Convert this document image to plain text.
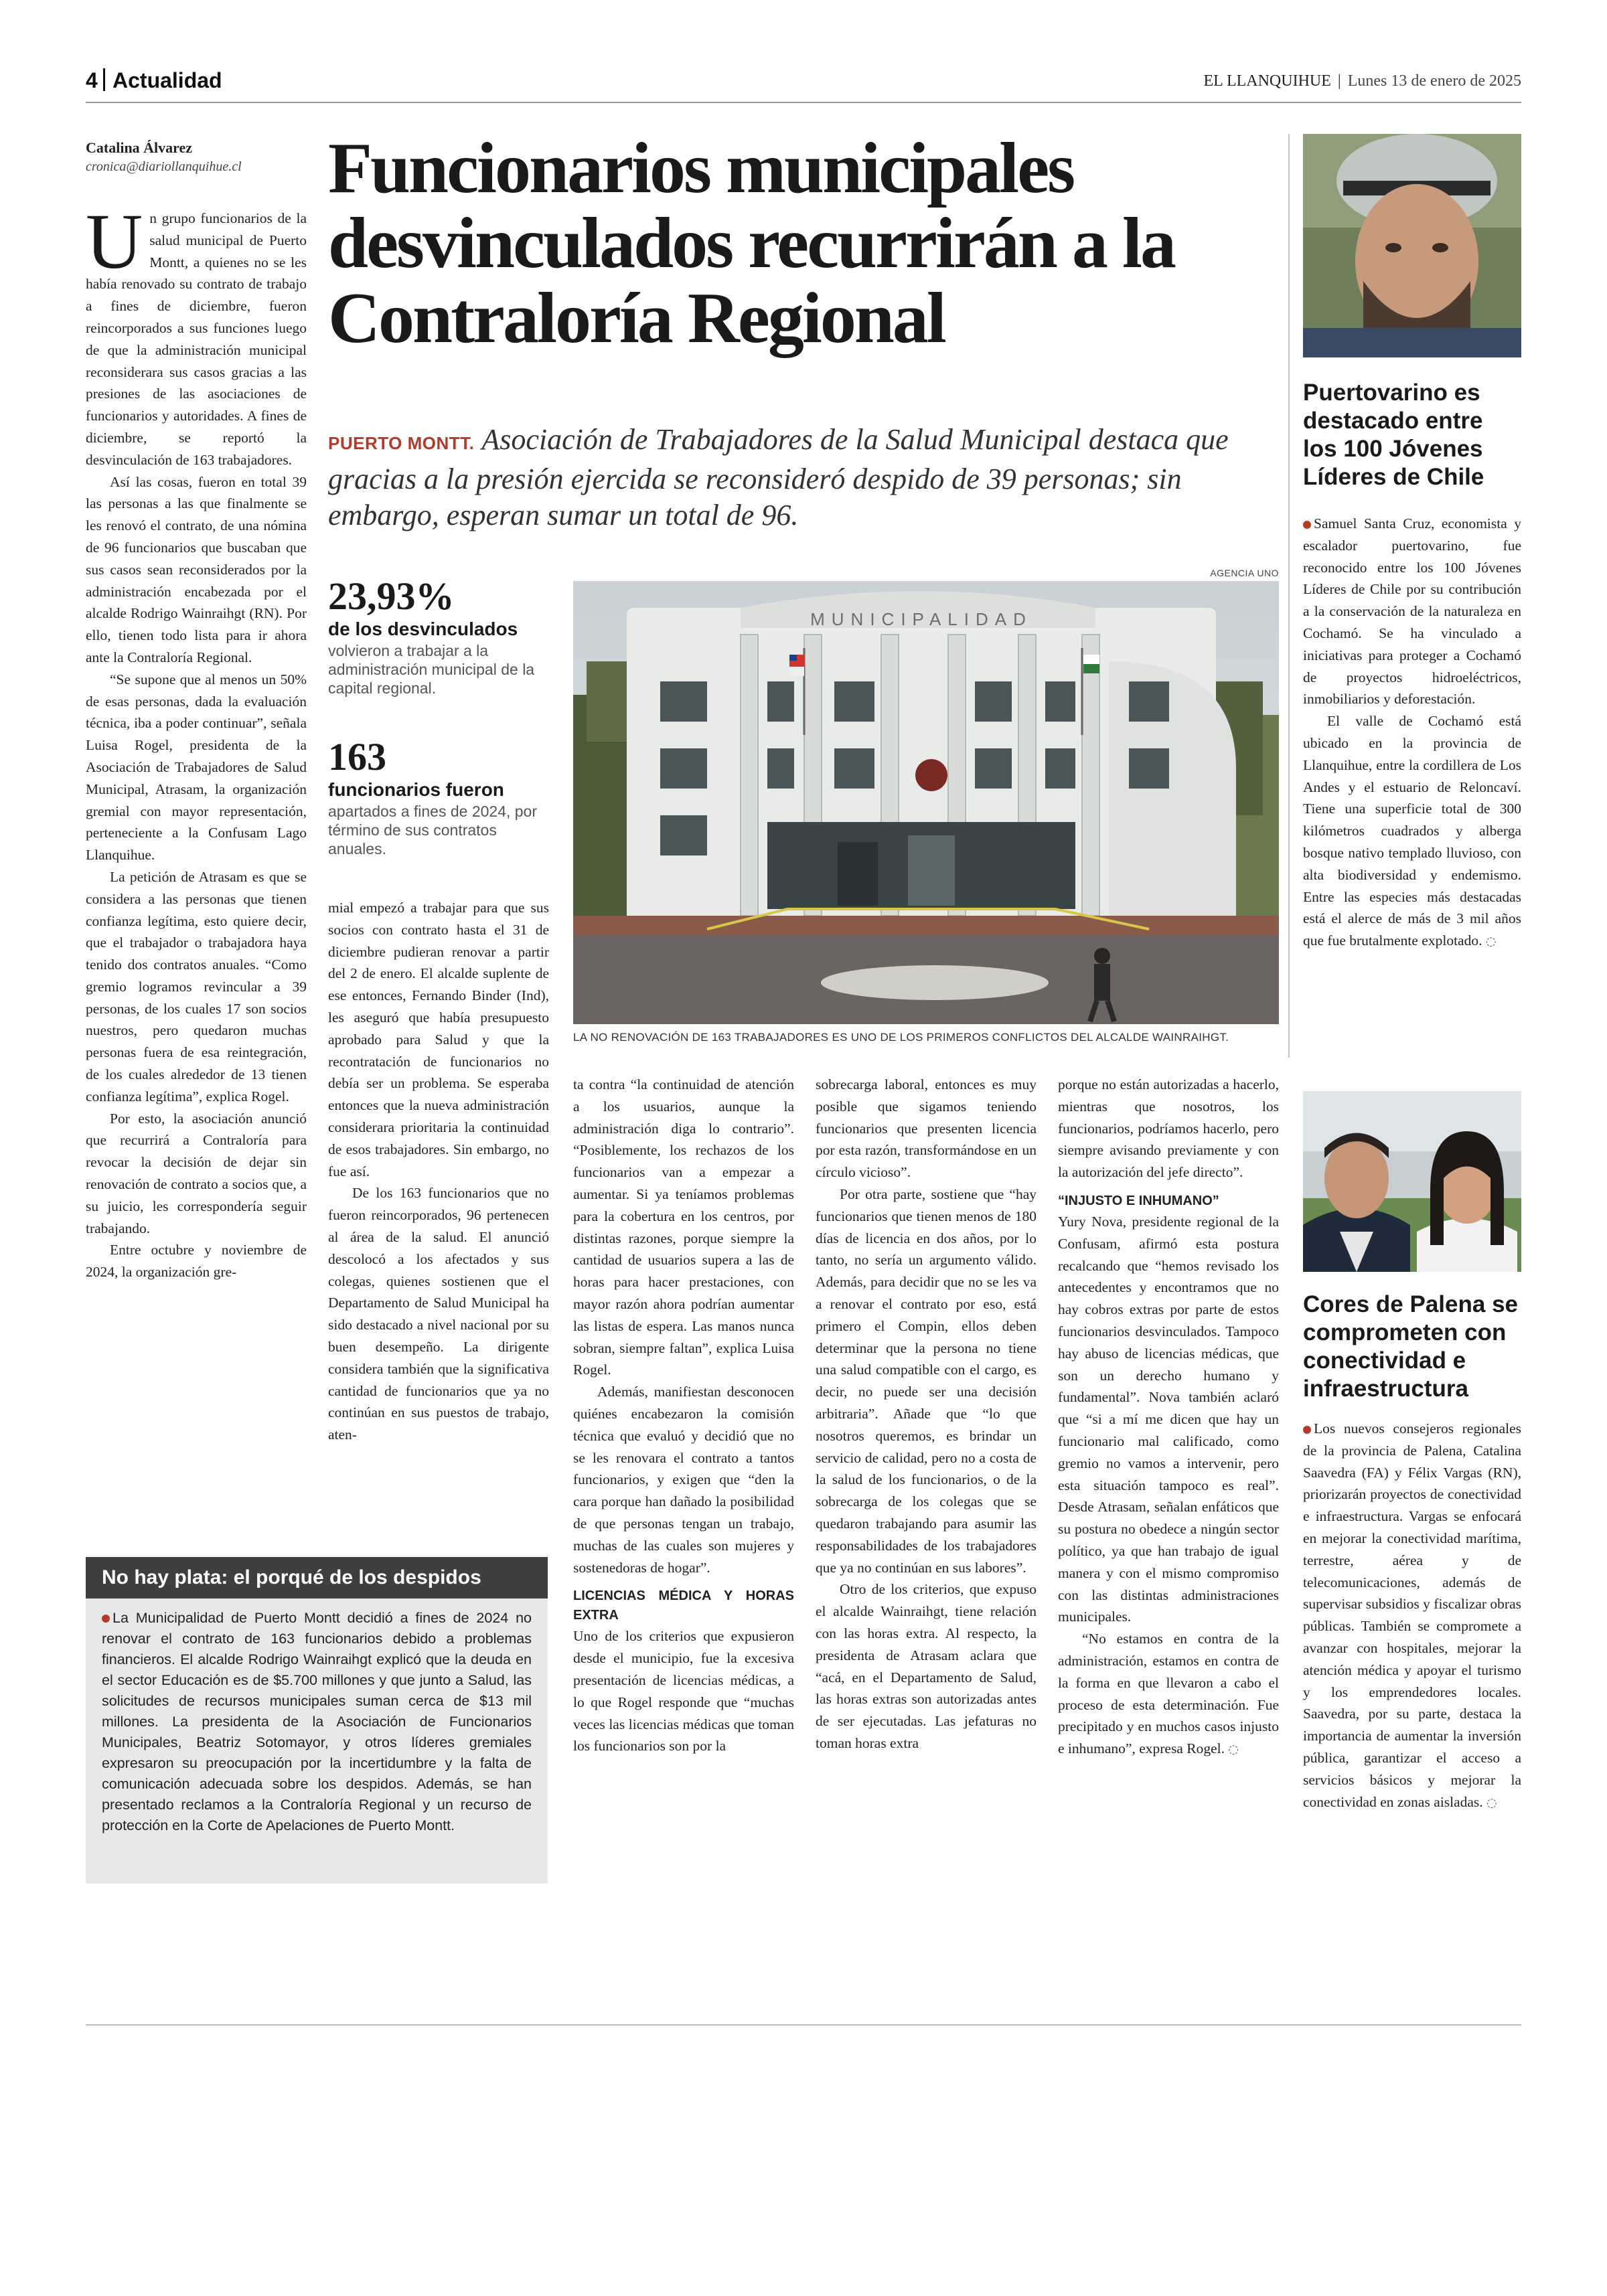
4 Actualidad	EL LLANQUIHUE | Lunes 13 de enero de 2025
Catalina Álvarez
cronica@diariollanquihue.cl	Funcionarios municipales desvinculados recurrirán a la Contraloría Regional
PUERTO MONTT. Asociación de Trabajadores de la Salud Municipal destaca que gracias a la presión ejercida se reconsideró despido de 39 personas; sin embargo, esperan sumar un total de 96.

Un grupo funcionarios de la salud municipal de Puerto Montt, a quienes no se les había renovado su contrato de trabajo a fines de diciembre, fueron reincorporados a sus funciones luego de que la administración municipal reconsiderara sus casos gracias a las presiones de las asociaciones de funcionarios y autoridades. A fines de diciembre, se reportó la desvinculación de 163 trabajadores.

Así las cosas, fueron en total 39 las personas a las que finalmente se les renovó el contrato, de una nómina de 96 funcionarios que buscaban que sus casos sean reconsiderados por la administración encabezada por el alcalde Rodrigo Wainraihgt (RN). Por ello, tienen todo lista para ir ahora ante la Contraloría Regional.

“Se supone que al menos un 50% de esas personas, dada la evaluación técnica, iba a poder continuar”, señala Luisa Rogel, presidenta de la Asociación de Trabajadores de Salud Municipal, Atrasam, la organización gremial con mayor representación, perteneciente a la Confusam Lago Llanquihue.

La petición de Atrasam es que se considera a las personas que tienen confianza legítima, esto quiere decir, que el trabajador o trabajadora haya tenido dos contratos anuales. “Como gremio logramos revincular a 39 personas, de los cuales 17 son socios nuestros, pero quedaron muchas personas fuera de esa reintegración, de los cuales alrededor de 13 tienen confianza legítima”, explica Rogel.

Por esto, la asociación anunció que recurrirá a Contraloría para revocar la decisión de dejar sin renovación de contrato a socios que, a su juicio, les correspondería seguir trabajando.

Entre octubre y noviembre de 2024, la organización gre-

23,93%
de los desvinculados
volvieron a trabajar a la administración municipal de la capital regional.
163
funcionarios fueron
apartados a fines de 2024, por término de sus contratos anuales.

mial empezó a trabajar para que sus socios con contrato hasta el 31 de diciembre pudieran renovar a partir del 2 de enero. El alcalde suplente de ese entonces, Fernando Binder (Ind), les aseguró que había presupuesto aprobado para Salud y que la recontratación de funcionarios no debía ser un problema. Se esperaba entonces que la nueva administración considerara prioritaria la continuidad de esos trabajadores. Sin embargo, no fue así.

De los 163 funcionarios que no fueron reincorporados, 96 pertenecen al área de la salud. El anunció descolocó a los afectados y sus colegas, quienes sostienen que el Departamento de Salud Municipal ha sido destacado a nivel nacional por su buen desempeño. La dirigente considera también que la significativa cantidad de funcionarios que ya no continúan en sus puestos de trabajo, aten-

AGENCIA UNO
MUNICIPALIDAD
LA NO RENOVACIÓN DE 163 TRABAJADORES ES UNO DE LOS PRIMEROS CONFLICTOS DEL ALCALDE WAINRAIHGT.

ta contra “la continuidad de atención a los usuarios, aunque la administración diga lo contrario”. “Posiblemente, los rechazos de los funcionarios van a empezar a aumentar. Si ya teníamos problemas para la cobertura en los centros, por distintas razones, porque siempre la cantidad de usuarios supera a las de horas para hacer prestaciones, con mayor razón ahora podrían aumentar las listas de espera. Las manos nunca sobran, siempre faltan”, explica Luisa Rogel.

Además, manifiestan desconocen quiénes encabezaron la comisión técnica que evaluó y decidió que no se les renovara el contrato a tantos funcionarios, y exigen que “den la cara porque han dañado la posibilidad de que personas tengan un trabajo, muchas de las cuales son mujeres y sostenedoras de hogar”.

LICENCIAS MÉDICA Y HORAS EXTRA

Uno de los criterios que expusieron desde el municipio, fue la excesiva presentación de licencias médicas, a lo que Rogel responde que “muchas veces las licencias médicas que toman los funcionarios son por la

sobrecarga laboral, entonces es muy posible que sigamos teniendo funcionarios que presenten licencia por esta razón, transformándose en un círculo vicioso”.

Por otra parte, sostiene que “hay funcionarios que tienen menos de 180 días de licencia en dos años, por lo tanto, no sería un argumento válido. Además, para decidir que no se les va a renovar el contrato por eso, está primero el Compin, ellos deben determinar que la persona no tiene una salud compatible con el cargo, es decir, no puede ser una decisión arbitraria”. Añade que “lo que nosotros queremos, es brindar un servicio de calidad, pero no a costa de la salud de los funcionarios, o de la sobrecarga de los colegas que se quedaron trabajando para asumir las responsabilidades de los trabajadores que ya no continúan en sus labores”.

Otro de los criterios, que expuso el alcalde Wainraihgt, tiene relación con las horas extra. Al respecto, la presidenta de Atrasam aclara que “acá, en el Departamento de Salud, las horas extras son autorizadas antes de ser ejecutadas. Las jefaturas no toman horas extra

porque no están autorizadas a hacerlo, mientras que nosotros, los funcionarios, podríamos hacerlo, pero siempre avisando previamente y con la autorización del jefe directo”.

“INJUSTO E INHUMANO”

Yury Nova, presidente regional de la Confusam, afirmó esta postura recalcando que “hemos revisado los antecedentes y encontramos que no hay cobros extras por parte de estos funcionarios desvinculados. Tampoco hay abuso de licencias médicas, que son un derecho humano y fundamental”. Nova también aclaró que “si a mí me dicen que hay un funcionario mal calificado, como gremio no vamos a intervenir, pero esta situación tampoco es real”. Desde Atrasam, señalan enfáticos que su postura no obedece a ningún sector político, ya que han trabajo de igual manera y con el mismo compromiso con las distintas administraciones municipales.

“No estamos en contra de la administración, estamos en contra de la forma en que llevaron a cabo el proceso de esta determinación. Fue precipitado y en muchos casos injusto e inhumano”, expresa Rogel. ◌

No hay plata: el porqué de los despidos
La Municipalidad de Puerto Montt decidió a fines de 2024 no renovar el contrato de 163 funcionarios debido a problemas financieros. El alcalde Rodrigo Wainraihgt explicó que la deuda en el sector Educación es de $5.700 millones y que junto a Salud, las solicitudes de recursos municipales suman cerca de $13 mil millones. La presidenta de la Asociación de Funcionarios Municipales, Beatriz Sotomayor, y otros líderes gremiales expresaron su preocupación por la incertidumbre y la falta de comunicación adecuada sobre los despidos. Además, se han presentado reclamos a la Contraloría Regional y un recurso de protección en la Corte de Apelaciones de Puerto Montt.
Puertovarino es destacado entre los 100 Jóvenes Líderes de Chile

Samuel Santa Cruz, economista y escalador puertovarino, fue reconocido entre los 100 Jóvenes Líderes de Chile por su contribución a la conservación de la naturaleza en Cochamó. Se ha vinculado a iniciativas para proteger a Cochamó de proyectos hidroeléctricos, inmobiliarios y deforestación.

El valle de Cochamó está ubicado en la provincia de Llanquihue, entre la cordillera de Los Andes y el estuario de Reloncaví. Tiene una superficie total de 300 kilómetros cuadrados y alberga bosque nativo templado lluvioso, con alta biodiversidad y endemismo. Entre las especies más destacadas está el alerce de más de 3 mil años que fue brutalmente explotado. ◌

Cores de Palena se comprometen con conectividad e infraestructura

Los nuevos consejeros regionales de la provincia de Palena, Catalina Saavedra (FA) y Félix Vargas (RN), priorizarán proyectos de conectividad e infraestructura. Vargas se enfocará en mejorar la conectividad marítima, terrestre, aérea y de telecomunicaciones, además de supervisar subsidios y fiscalizar obras públicas. También se compromete a avanzar con hospitales, mejorar la atención médica y apoyar el turismo y los emprendedores locales. Saavedra, por su parte, destaca la importancia de aumentar la inversión pública, garantizar el acceso a servicios básicos y mejorar la conectividad en zonas aisladas. ◌
